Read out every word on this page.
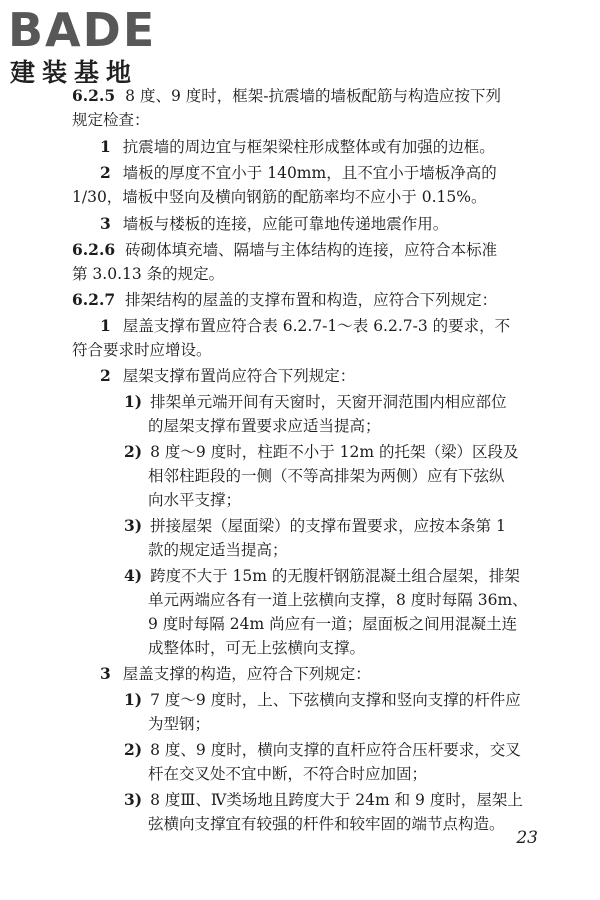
BADE
建装基地
6.2.5 8 度、9 度时，框架-抗震墙的墙板配筋与构造应按下列
规定检查：
1 抗震墙的周边宜与框架梁柱形成整体或有加强的边框。
2 墙板的厚度不宜小于 140mm，且不宜小于墙板净高的
1/30，墙板中竖向及横向钢筋的配筋率均不应小于 0.15%。
3 墙板与楼板的连接，应能可靠地传递地震作用。
6.2.6 砖砌体填充墙、隔墙与主体结构的连接，应符合本标准
第 3.0.13 条的规定。
6.2.7 排架结构的屋盖的支撑布置和构造，应符合下列规定：
1 屋盖支撑布置应符合表 6.2.7-1～表 6.2.7-3 的要求，不
符合要求时应增设。
2 屋架支撑布置尚应符合下列规定：
1) 排架单元端开间有天窗时，天窗开洞范围内相应部位
的屋架支撑布置要求应适当提高；
2) 8 度～9 度时，柱距不小于 12m 的托架（梁）区段及
相邻柱距段的一侧（不等高排架为两侧）应有下弦纵
向水平支撑；
3) 拼接屋架（屋面梁）的支撑布置要求，应按本条第 1
款的规定适当提高；
4) 跨度不大于 15m 的无腹杆钢筋混凝土组合屋架，排架
单元两端应各有一道上弦横向支撑，8 度时每隔 36m、
9 度时每隔 24m 尚应有一道；屋面板之间用混凝土连
成整体时，可无上弦横向支撑。
3 屋盖支撑的构造，应符合下列规定：
1) 7 度～9 度时，上、下弦横向支撑和竖向支撑的杆件应
为型钢；
2) 8 度、9 度时，横向支撑的直杆应符合压杆要求，交叉
杆在交叉处不宜中断，不符合时应加固；
3) 8 度Ⅲ、Ⅳ类场地且跨度大于 24m 和 9 度时，屋架上
弦横向支撑宜有较强的杆件和较牢固的端节点构造。
23
